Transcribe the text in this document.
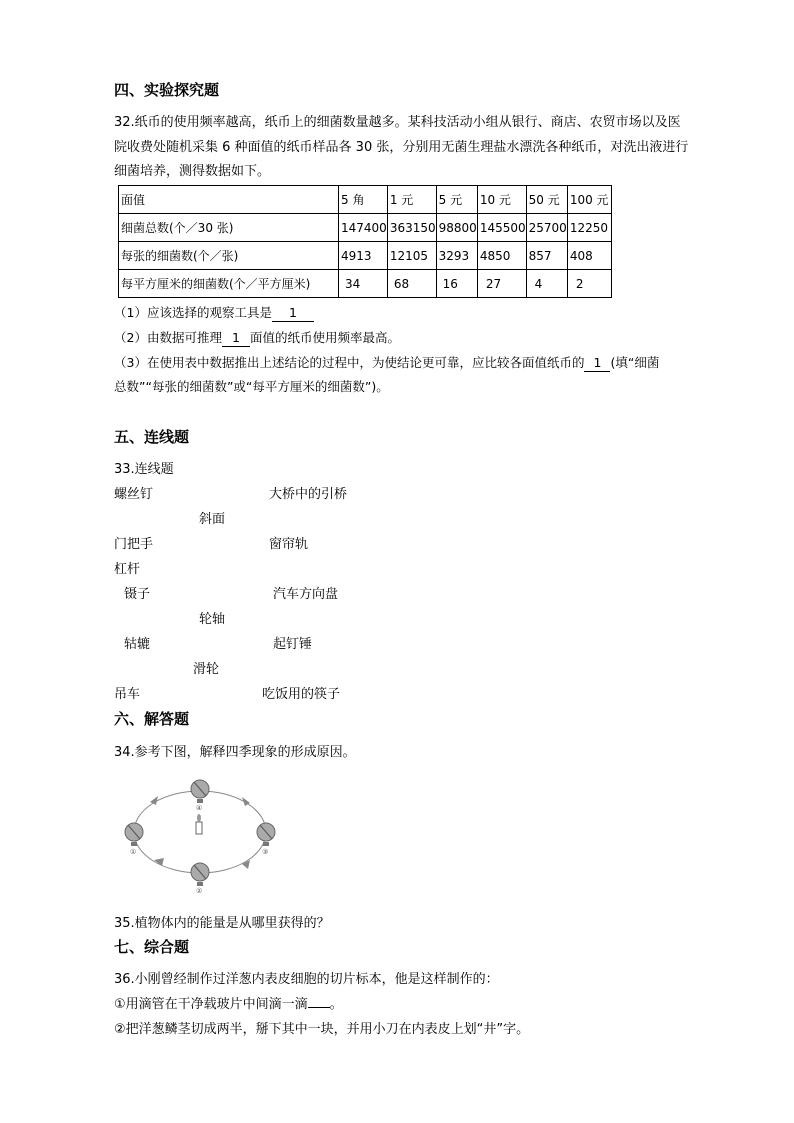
四、实验探究题
32.纸币的使用频率越高，纸币上的细菌数量越多。某科技活动小组从银行、商店、农贸市场以及医
院收费处随机采集 6 种面值的纸币样品各 30 张，分别用无菌生理盐水漂洗各种纸币，对洗出液进行
细菌培养，测得数据如下。
面值	5 角	1 元	5 元	10 元	50 元	100 元
细菌总数(个／30 张)	147400	363150	98800	145500	25700	12250
每张的细菌数(个／张)	4913	12105	3293	4850	857	408
每平方厘米的细菌数(个／平方厘米)	34	68	16	27	4	2
（1）应该选择的观察工具是 1
（2）由数据可推理 1 面值的纸币使用频率最高。
（3）在使用表中数据推出上述结论的过程中，为使结论更可靠，应比较各面值纸币的 1 (填“细菌
总数”“每张的细菌数”或“每平方厘米的细菌数”)。
五、连线题
33.连线题
螺丝钉	大桥中的引桥
斜面
门把手	窗帘轨
杠杆
镊子	汽车方向盘
轮轴
轱辘	起钉锤
滑轮
吊车	吃饭用的筷子
六、解答题
34.参考下图，解释四季现象的形成原因。
④
①	③
②
35.植物体内的能量是从哪里获得的？
七、综合题
36.小刚曾经制作过洋葱内表皮细胞的切片标本，他是这样制作的：
①用滴管在干净载玻片中间滴一滴 。
②把洋葱鳞茎切成两半，掰下其中一块，并用小刀在内表皮上划“井”字。
